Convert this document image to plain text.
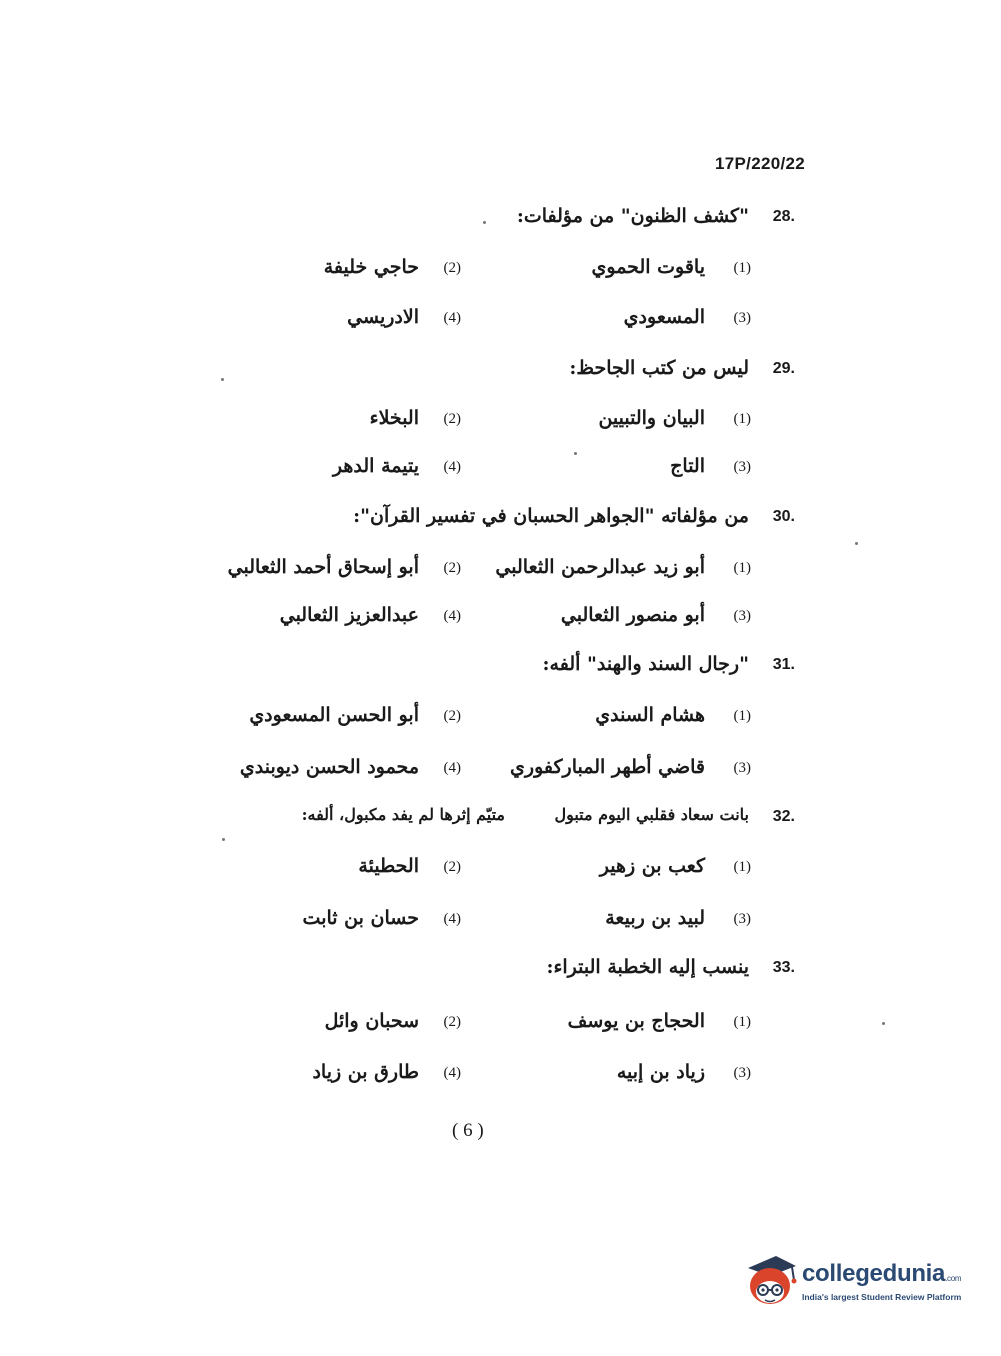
17P/220/22
28.
"كشف الظنون" من مؤلفات:
(1)
ياقوت الحموي
(2)
حاجي خليفة
(3)
المسعودي
(4)
الادريسي
29.
ليس من كتب الجاحظ:
(1)
البيان والتبيين
(2)
البخلاء
(3)
التاج
(4)
يتيمة الدهر
30.
من مؤلفاته "الجواهر الحسبان في تفسير القرآن":
(1)
أبو زيد عبدالرحمن الثعالبي
(2)
أبو إسحاق أحمد الثعالبي
(3)
أبو منصور الثعالبي
(4)
عبدالعزيز الثعالبي
31.
"رجال السند والهند" ألفه:
(1)
هشام السندي
(2)
أبو الحسن المسعودي
(3)
قاضي أطهر المباركفوري
(4)
محمود الحسن ديوبندي
32.
بانت سعاد فقلبي اليوم متبول
متيّم إثرها لم يفد مكبول، ألفه:
(1)
كعب بن زهير
(2)
الحطيئة
(3)
لبيد بن ربيعة
(4)
حسان بن ثابت
33.
ينسب إليه الخطبة البتراء:
(1)
الحجاج بن يوسف
(2)
سحبان وائل
(3)
زياد بن إبيه
(4)
طارق بن زياد
( 6 )
collegedunia.com
India's largest Student Review Platform
